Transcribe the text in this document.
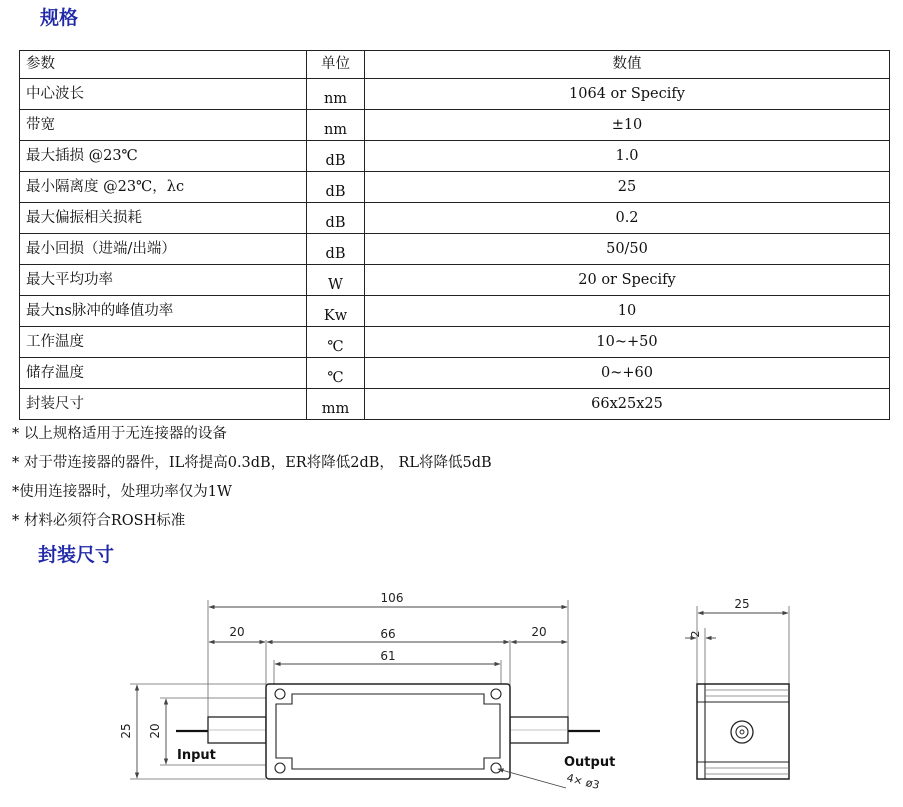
规格
参数	单位	数值
中心波长	nm	1064 or Specify
带宽	nm	±10
最大插损 @23℃	dB	1.0
最小隔离度 @23℃，λc	dB	25
最大偏振相关损耗	dB	0.2
最小回损（进端/出端）	dB	50/50
最大平均功率	W	20 or Specify
最大ns脉冲的峰值功率	Kw	10
工作温度	℃	10~+50
储存温度	℃	0~+60
封装尺寸	mm	66x25x25
* 以上规格适用于无连接器的设备
* 对于带连接器的器件，IL将提高0.3dB，ER将降低2dB， RL将降低5dB
*使用连接器时，处理功率仅为1W
* 材料必须符合ROSH标准
封装尺寸
106
20	66	20
61
25 20
Input	Output
4× ø3
25
2
